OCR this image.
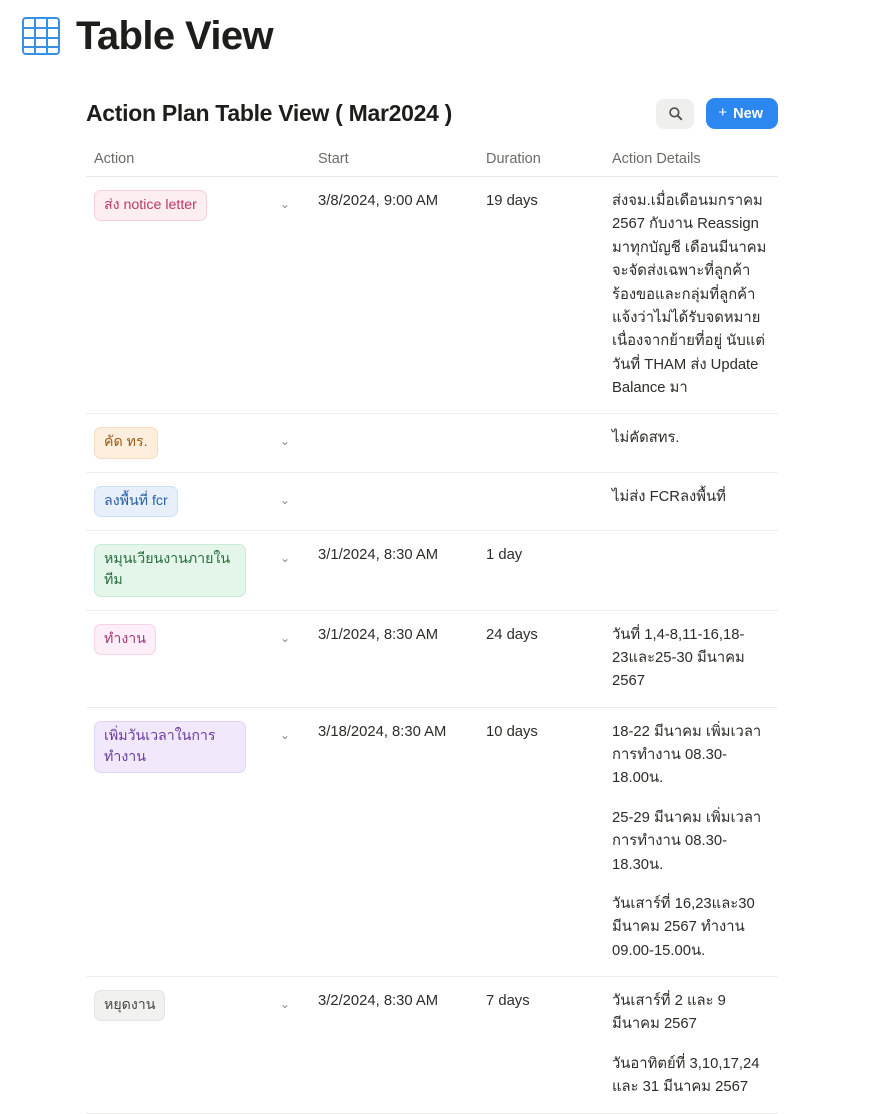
Table View
Action Plan Table View ( Mar2024 )	+ New
Action		Start	Duration	Action Details
ส่ง notice letter	⌄	3/8/2024, 9:00 AM	19 days	ส่งจม.เมื่อเดือนมกราคม 2567 กับงาน Reassign มาทุกบัญชี เดือนมีนาคม จะจัดส่งเฉพาะที่ลูกค้า ร้องขอและกลุ่มที่ลูกค้า แจ้งว่าไม่ได้รับจดหมาย เนื่องจากย้ายที่อยู่ นับแต่ วันที่ THAM ส่ง Update Balance มา

คัด ทร.	⌄			ไม่คัดสทร.

ลงพื้นที่ fcr	⌄			ไม่ส่ง FCRลงพื้นที่

หมุนเวียนงานภายในทีม	⌄	3/1/2024, 8:30 AM	1 day	
ทำงาน	⌄	3/1/2024, 8:30 AM	24 days	วันที่ 1,4-8,11-16,18-23และ25-30 มีนาคม 2567

เพิ่มวันเวลาในการทำงาน	⌄	3/18/2024, 8:30 AM	10 days	18-22 มีนาคม เพิ่มเวลาการทำงาน 08.30-18.00น.

25-29 มีนาคม เพิ่มเวลาการทำงาน 08.30-18.30น.

วันเสาร์ที่ 16,23และ30 มีนาคม 2567 ทำงาน 09.00-15.00น.

หยุดงาน	⌄	3/2/2024, 8:30 AM	7 days	วันเสาร์ที่ 2 และ 9 มีนาคม 2567

วันอาทิตย์ที่ 3,10,17,24 และ 31 มีนาคม 2567
